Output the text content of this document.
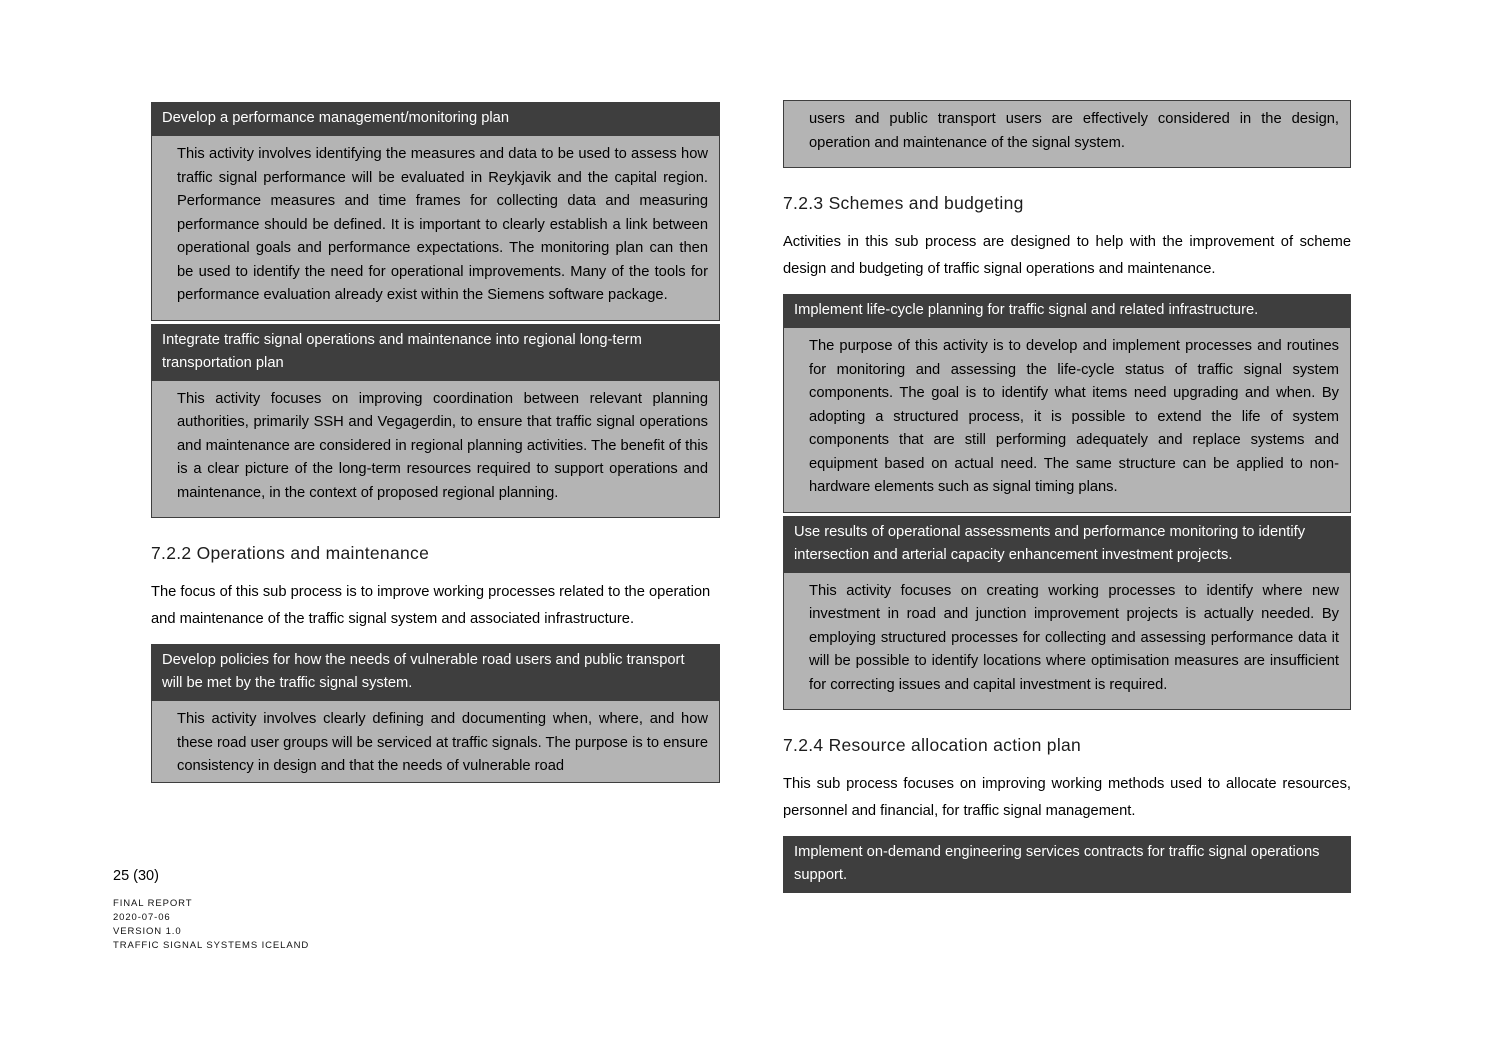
Develop a performance management/monitoring plan
This activity involves identifying the measures and data to be used to assess how traffic signal performance will be evaluated in Reykjavik and the capital region. Performance measures and time frames for collecting data and measuring performance should be defined. It is important to clearly establish a link between operational goals and performance expectations. The monitoring plan can then be used to identify the need for operational improvements. Many of the tools for performance evaluation already exist within the Siemens software package.
Integrate traffic signal operations and maintenance into regional long-term transportation plan
This activity focuses on improving coordination between relevant planning authorities, primarily SSH and Vegagerdin, to ensure that traffic signal operations and maintenance are considered in regional planning activities. The benefit of this is a clear picture of the long-term resources required to support operations and maintenance, in the context of proposed regional planning.
7.2.2 Operations and maintenance

The focus of this sub process is to improve working processes related to the operation and maintenance of the traffic signal system and associated infrastructure.

Develop policies for how the needs of vulnerable road users and public transport will be met by the traffic signal system.
This activity involves clearly defining and documenting when, where, and how these road user groups will be serviced at traffic signals. The purpose is to ensure consistency in design and that the needs of vulnerable road
users and public transport users are effectively considered in the design, operation and maintenance of the signal system.
7.2.3 Schemes and budgeting

Activities in this sub process are designed to help with the improvement of scheme design and budgeting of traffic signal operations and maintenance.

Implement life-cycle planning for traffic signal and related infrastructure.
The purpose of this activity is to develop and implement processes and routines for monitoring and assessing the life-cycle status of traffic signal system components. The goal is to identify what items need upgrading and when. By adopting a structured process, it is possible to extend the life of system components that are still performing adequately and replace systems and equipment based on actual need. The same structure can be applied to non-hardware elements such as signal timing plans.
Use results of operational assessments and performance monitoring to identify intersection and arterial capacity enhancement investment projects.
This activity focuses on creating working processes to identify where new investment in road and junction improvement projects is actually needed. By employing structured processes for collecting and assessing performance data it will be possible to identify locations where optimisation measures are insufficient for correcting issues and capital investment is required.
7.2.4 Resource allocation action plan

This sub process focuses on improving working methods used to allocate resources, personnel and financial, for traffic signal management.

Implement on-demand engineering services contracts for traffic signal operations support.
25 (30)
FINAL REPORT
2020-07-06
VERSION 1.0
TRAFFIC SIGNAL SYSTEMS ICELAND
